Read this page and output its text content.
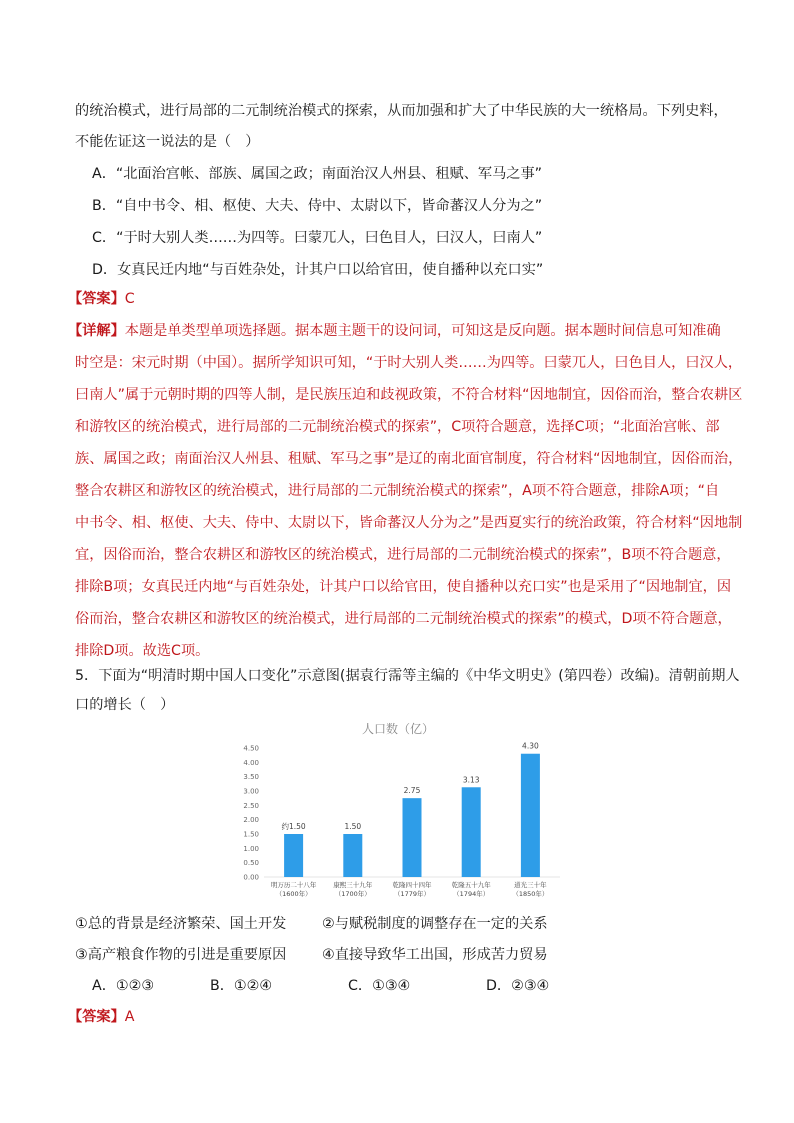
的统治模式，进行局部的二元制统治模式的探索，从而加强和扩大了中华民族的大一统格局。下列史料，
不能佐证这一说法的是（　）
A．“北面治宫帐、部族、属国之政；南面治汉人州县、租赋、军马之事”
B．“自中书令、相、枢使、大夫、侍中、太尉以下，皆命蕃汉人分为之”
C．“于时大别人类……为四等。曰蒙兀人，曰色目人，曰汉人，曰南人”
D．女真民迁内地“与百姓杂处，计其户口以给官田，使自播种以充口实”
【答案】C
【详解】本题是单类型单项选择题。据本题主题干的设问词，可知这是反向题。据本题时间信息可知准确
时空是：宋元时期（中国）。据所学知识可知，“于时大别人类……为四等。曰蒙兀人，曰色目人，曰汉人，
曰南人”属于元朝时期的四等人制，是民族压迫和歧视政策，不符合材料“因地制宜，因俗而治，整合农耕区
和游牧区的统治模式，进行局部的二元制统治模式的探索”，C项符合题意，选择C项；“北面治宫帐、部
族、属国之政；南面治汉人州县、租赋、军马之事”是辽的南北面官制度，符合材料“因地制宜，因俗而治，
整合农耕区和游牧区的统治模式，进行局部的二元制统治模式的探索”，A项不符合题意，排除A项；“自
中书令、相、枢使、大夫、侍中、太尉以下，皆命蕃汉人分为之”是西夏实行的统治政策，符合材料“因地制
宜，因俗而治，整合农耕区和游牧区的统治模式，进行局部的二元制统治模式的探索”，B项不符合题意，
排除B项；女真民迁内地“与百姓杂处，计其户口以给官田，使自播种以充口实”也是采用了“因地制宜，因
俗而治，整合农耕区和游牧区的统治模式，进行局部的二元制统治模式的探索”的模式，D项不符合题意，
排除D项。故选C项。
5．下面为“明清时期中国人口变化”示意图(据袁行霈等主编的《中华文明史》(第四卷）改编)。清朝前期人
口的增长（　）
人口数（亿）
4.50
4.00
3.50
3.00
2.50
2.00
1.50
1.00
0.50
0.00
约1.50	1.50
2.75
3.13
4.30
明万历二十八年
（1600年）
康熙三十九年
（1700年）
乾隆四十四年
（1779年）
乾隆五十九年
（1794年）
道光三十年
（1850年）
①总的背景是经济繁荣、国土开发	②与赋税制度的调整存在一定的关系
③高产粮食作物的引进是重要原因	④直接导致华工出国，形成苦力贸易
A．①②③	B．①②④	C．①③④	D．②③④
【答案】A
